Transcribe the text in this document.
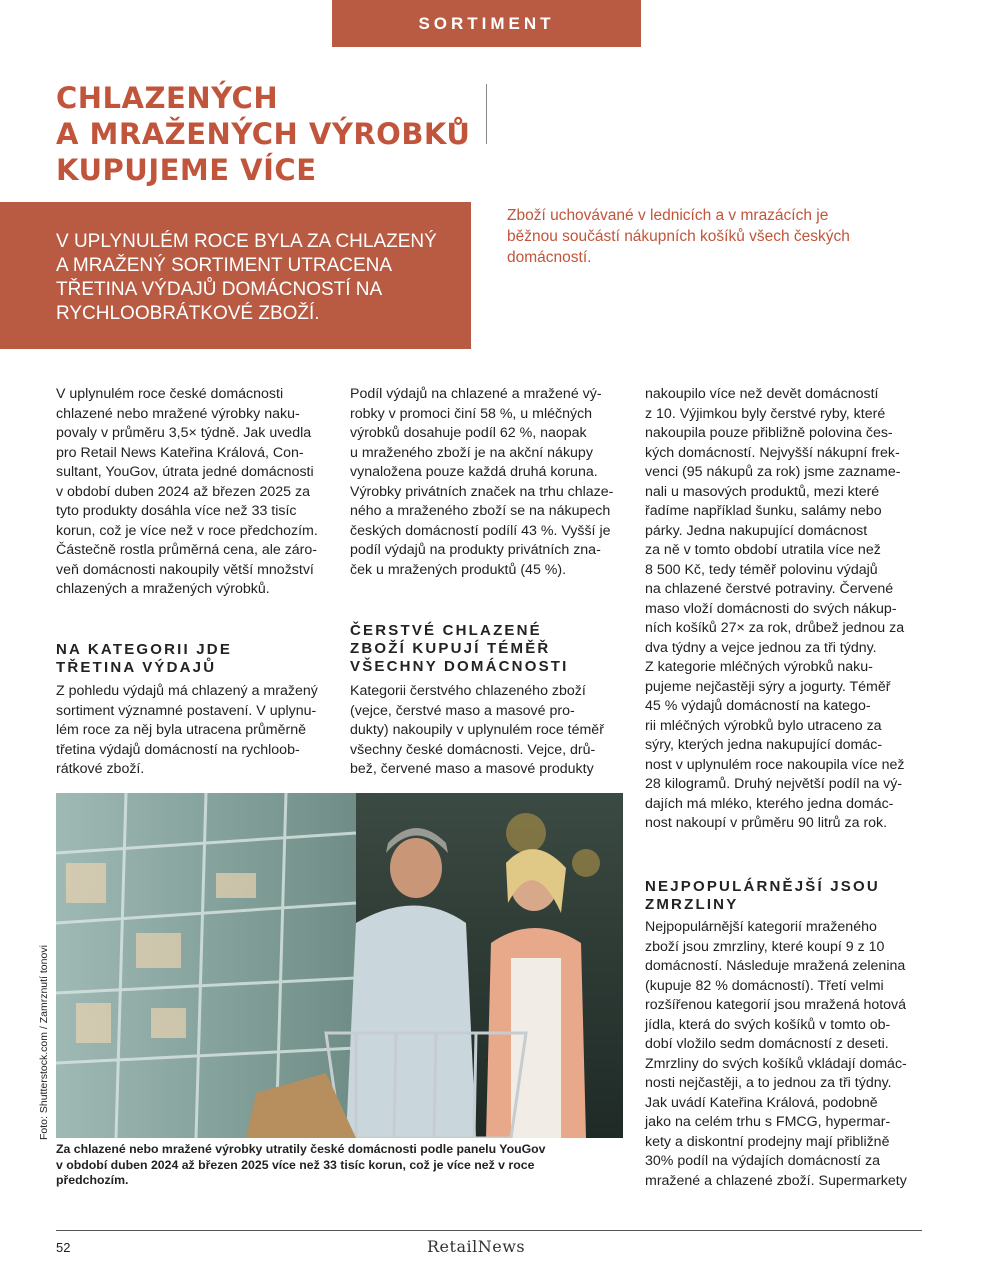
SORTIMENT
CHLAZENÝCH
A MRAŽENÝCH VÝROBKŮ
KUPUJEME VÍCE
V UPLYNULÉM ROCE BYLA ZA CHLAZENÝ
A MRAŽENÝ SORTIMENT UTRACENA
TŘETINA VÝDAJŮ DOMÁCNOSTÍ NA
RYCHLOOBRÁTKOVÉ ZBOŽÍ.
Zboží uchovávané v lednicích a v mrazácích je
běžnou součástí nákupních košíků všech českých
domácností.
V uplynulém roce české domácnosti
chlazené nebo mražené výrobky naku-
povaly v průměru 3,5× týdně. Jak uvedla
pro Retail News Kateřina Králová, Con-
sultant, YouGov, útrata jedné domácnosti
v období duben 2024 až březen 2025 za
tyto produkty dosáhla více než 33 tisíc
korun, což je více než v roce předchozím.
Částečně rostla průměrná cena, ale záro-
veň domácnosti nakoupily větší množství
chlazených a mražených výrobků.
NA KATEGORII JDE
TŘETINA VÝDAJŮ
Z pohledu výdajů má chlazený a mražený
sortiment významné postavení. V uplynu-
lém roce za něj byla utracena průměrně
třetina výdajů domácností na rychloob-
rátkové zboží.
Podíl výdajů na chlazené a mražené vý-
robky v promoci činí 58 %, u mléčných
výrobků dosahuje podíl 62 %, naopak
u mraženého zboží je na akční nákupy
vynaložena pouze každá druhá koruna.
Výrobky privátních značek na trhu chlaze-
ného a mraženého zboží se na nákupech
českých domácností podílí 43 %. Vyšší je
podíl výdajů na produkty privátních zna-
ček u mražených produktů (45 %).
ČERSTVÉ CHLAZENÉ
ZBOŽÍ KUPUJÍ TÉMĚŘ
VŠECHNY DOMÁCNOSTI
Kategorii čerstvého chlazeného zboží
(vejce, čerstvé maso a masové pro-
dukty) nakoupily v uplynulém roce téměř
všechny české domácnosti. Vejce, drů-
bež, červené maso a masové produkty
nakoupilo více než devět domácností
z 10. Výjimkou byly čerstvé ryby, které
nakoupila pouze přibližně polovina čes-
kých domácností. Nejvyšší nákupní frek-
venci (95 nákupů za rok) jsme zazname-
nali u masových produktů, mezi které
řadíme například šunku, salámy nebo
párky. Jedna nakupující domácnost
za ně v tomto období utratila více než
8 500 Kč, tedy téměř polovinu výdajů
na chlazené čerstvé potraviny. Červené
maso vloží domácnosti do svých nákup-
ních košíků 27× za rok, drůbež jednou za
dva týdny a vejce jednou za tři týdny.
Z kategorie mléčných výrobků naku-
pujeme nejčastěji sýry a jogurty. Téměř
45 % výdajů domácností na katego-
rii mléčných výrobků bylo utraceno za
sýry, kterých jedna nakupující domác-
nost v uplynulém roce nakoupila více než
28 kilogramů. Druhý největší podíl na vý-
dajích má mléko, kterého jedna domác-
nost nakoupí v průměru 90 litrů za rok.
NEJPOPULÁRNĚJŠÍ JSOU
ZMRZLINY
Nejpopulárnější kategorií mraženého
zboží jsou zmrzliny, které koupí 9 z 10
domácností. Následuje mražená zelenina
(kupuje 82 % domácností). Třetí velmi
rozšířenou kategorií jsou mražená hotová
jídla, která do svých košíků v tomto ob-
dobí vložilo sedm domácností z deseti.
Zmrzliny do svých košíků vkládají domác-
nosti nejčastěji, a to jednou za tři týdny.
Jak uvádí Kateřina Králová, podobně
jako na celém trhu s FMCG, hypermar-
kety a diskontní prodejny mají přibližně
30% podíl na výdajích domácností za
mražené a chlazené zboží. Supermarkety
Foto: Shutterstock.com / Zamrznutí tonovi
Za chlazené nebo mražené výrobky utratily české domácnosti podle panelu YouGov
v období duben 2024 až březen 2025 více než 33 tisíc korun, což je více než v roce
předchozím.
52	RetailNews
